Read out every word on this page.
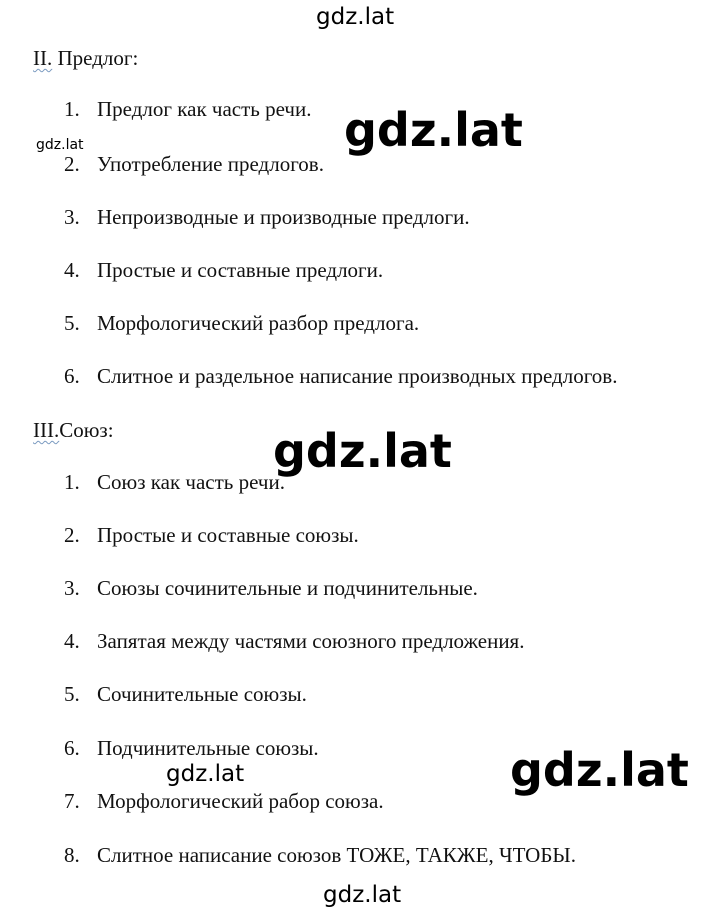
gdz.lat
II. Предлог:
1. Предлог как часть речи.
2. Употребление предлогов.
3. Непроизводные и производные предлоги.
4. Простые и составные предлоги.
5. Морфологический разбор предлога.
6. Слитное и раздельное написание производных предлогов.
III.Союз:
1. Союз как часть речи.
2. Простые и составные союзы.
3. Союзы сочинительные и подчинительные.
4. Запятая между частями союзного предложения.
5. Сочинительные союзы.
6. Подчинительные союзы.
7. Морфологический рабор союза.
8. Слитное написание союзов ТОЖЕ, ТАКЖЕ, ЧТОБЫ.
gdz.lat	gdz.lat
gdz.lat
gdz.lat	gdz.lat
gdz.lat
